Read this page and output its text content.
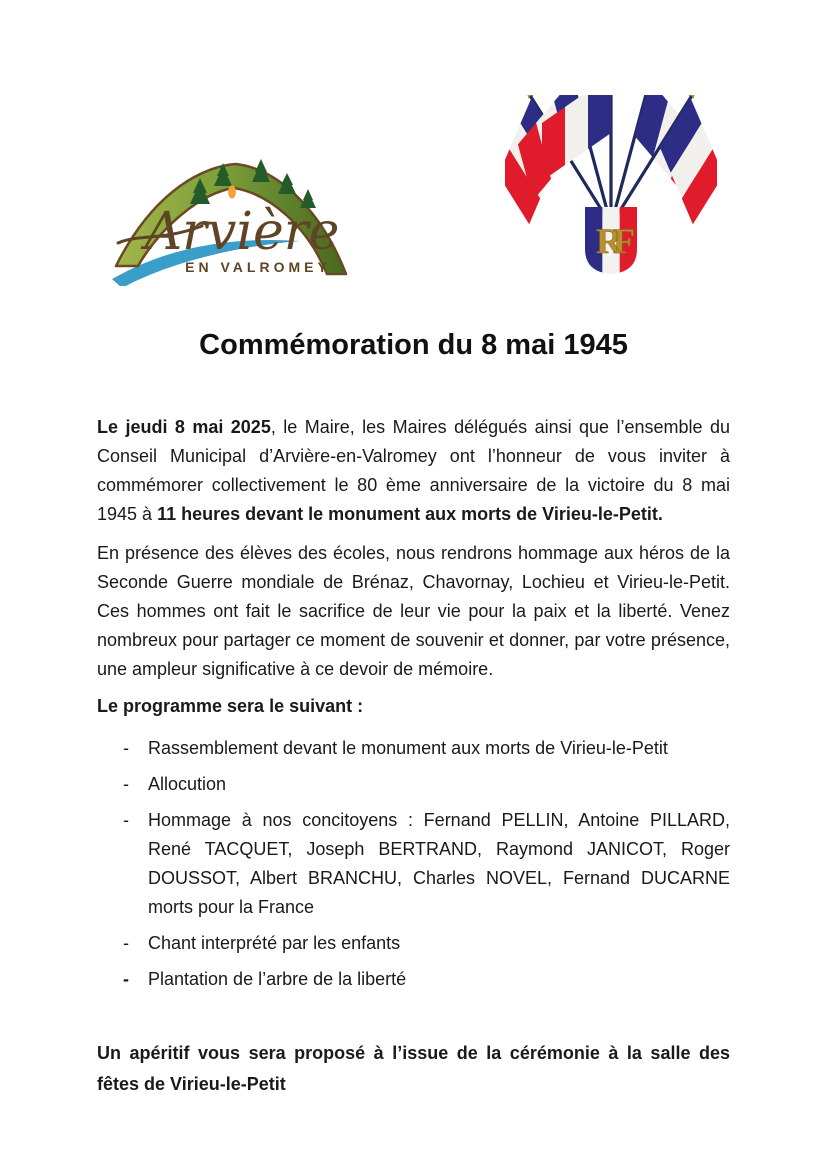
Arvière
EN VALROMEY
RF
Commémoration du 8 mai 1945

Le jeudi 8 mai 2025, le Maire, les Maires délégués ainsi que l’ensemble du Conseil Municipal d’Arvière-en-Valromey ont l’honneur de vous inviter à commémorer collectivement le 80 ème anniversaire de la victoire du 8 mai 1945 à 11 heures devant le monument aux morts de Virieu-le-Petit.

En présence des élèves des écoles, nous rendrons hommage aux héros de la Seconde Guerre mondiale de Brénaz, Chavornay, Lochieu et Virieu-le-Petit. Ces hommes ont fait le sacrifice de leur vie pour la paix et la liberté. Venez nombreux pour partager ce moment de souvenir et donner, par votre présence, une ampleur significative à ce devoir de mémoire.

Le programme sera le suivant :

-	Rassemblement devant le monument aux morts de Virieu-le-Petit
-	Allocution
-	Hommage à nos concitoyens : Fernand PELLIN, Antoine PILLARD, René TACQUET, Joseph BERTRAND, Raymond JANICOT, Roger DOUSSOT, Albert BRANCHU, Charles NOVEL, Fernand DUCARNE morts pour la France
-	Chant interprété par les enfants
-	Plantation de l’arbre de la liberté

Un apéritif vous sera proposé à l’issue de la cérémonie à la salle des fêtes de Virieu-le-Petit
